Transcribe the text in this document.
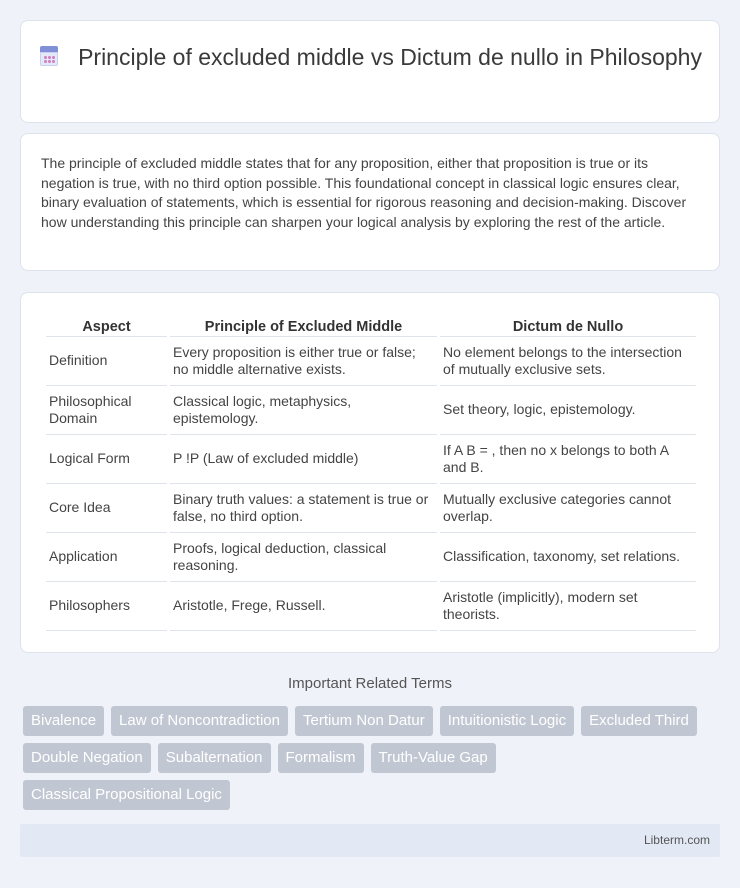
Principle of excluded middle vs Dictum de nullo in Philosophy

The principle of excluded middle states that for any proposition, either that proposition is true or its negation is true, with no third option possible. This foundational concept in classical logic ensures clear, binary evaluation of statements, which is essential for rigorous reasoning and decision-making. Discover how understanding this principle can sharpen your logical analysis by exploring the rest of the article.

Aspect	Principle of Excluded Middle	Dictum de Nullo
Definition	Every proposition is either true or false; no middle alternative exists.	No element belongs to the intersection of mutually exclusive sets.
Philosophical Domain	Classical logic, metaphysics, epistemology.	Set theory, logic, epistemology.
Logical Form	P !P (Law of excluded middle)	If A B = , then no x belongs to both A and B.
Core Idea	Binary truth values: a statement is true or false, no third option.	Mutually exclusive categories cannot overlap.
Application	Proofs, logical deduction, classical reasoning.	Classification, taxonomy, set relations.
Philosophers	Aristotle, Frege, Russell.	Aristotle (implicitly), modern set theorists.
Important Related Terms
Bivalence	Law of Noncontradiction	Tertium Non Datur	Intuitionistic Logic	Excluded Third
Double Negation	Subalternation	Formalism	Truth-Value Gap
Classical Propositional Logic
Libterm.com
